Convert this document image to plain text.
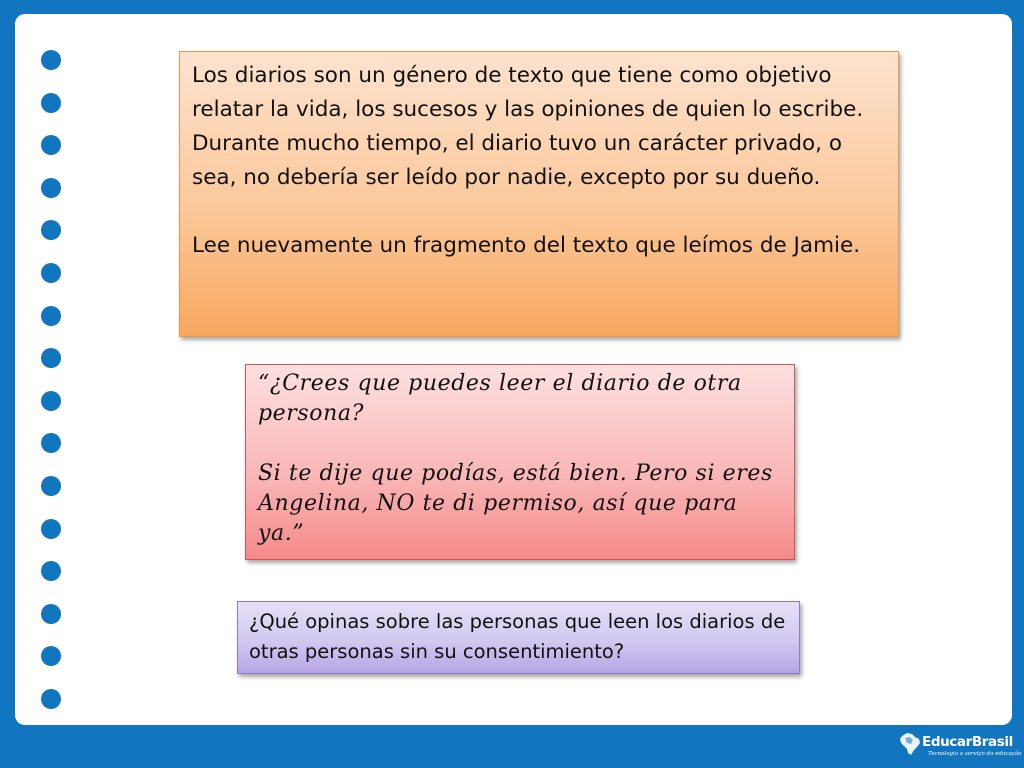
Los diarios son un género de texto que tiene como objetivo relatar la vida, los sucesos y las opiniones de quien lo escribe. Durante mucho tiempo, el diario tuvo un carácter privado, o sea, no debería ser leído por nadie, excepto por su dueño.

Lee nuevamente un fragmento del texto que leímos de Jamie.

“¿Crees que puedes leer el diario de otra persona?

Si te dije que podías, está bien. Pero si eres Angelina, NO te di permiso, así que para ya.”

¿Qué opinas sobre las personas que leen los diarios de otras personas sin su consentimiento?

EducarBrasil
Tecnologia a serviço da educação
